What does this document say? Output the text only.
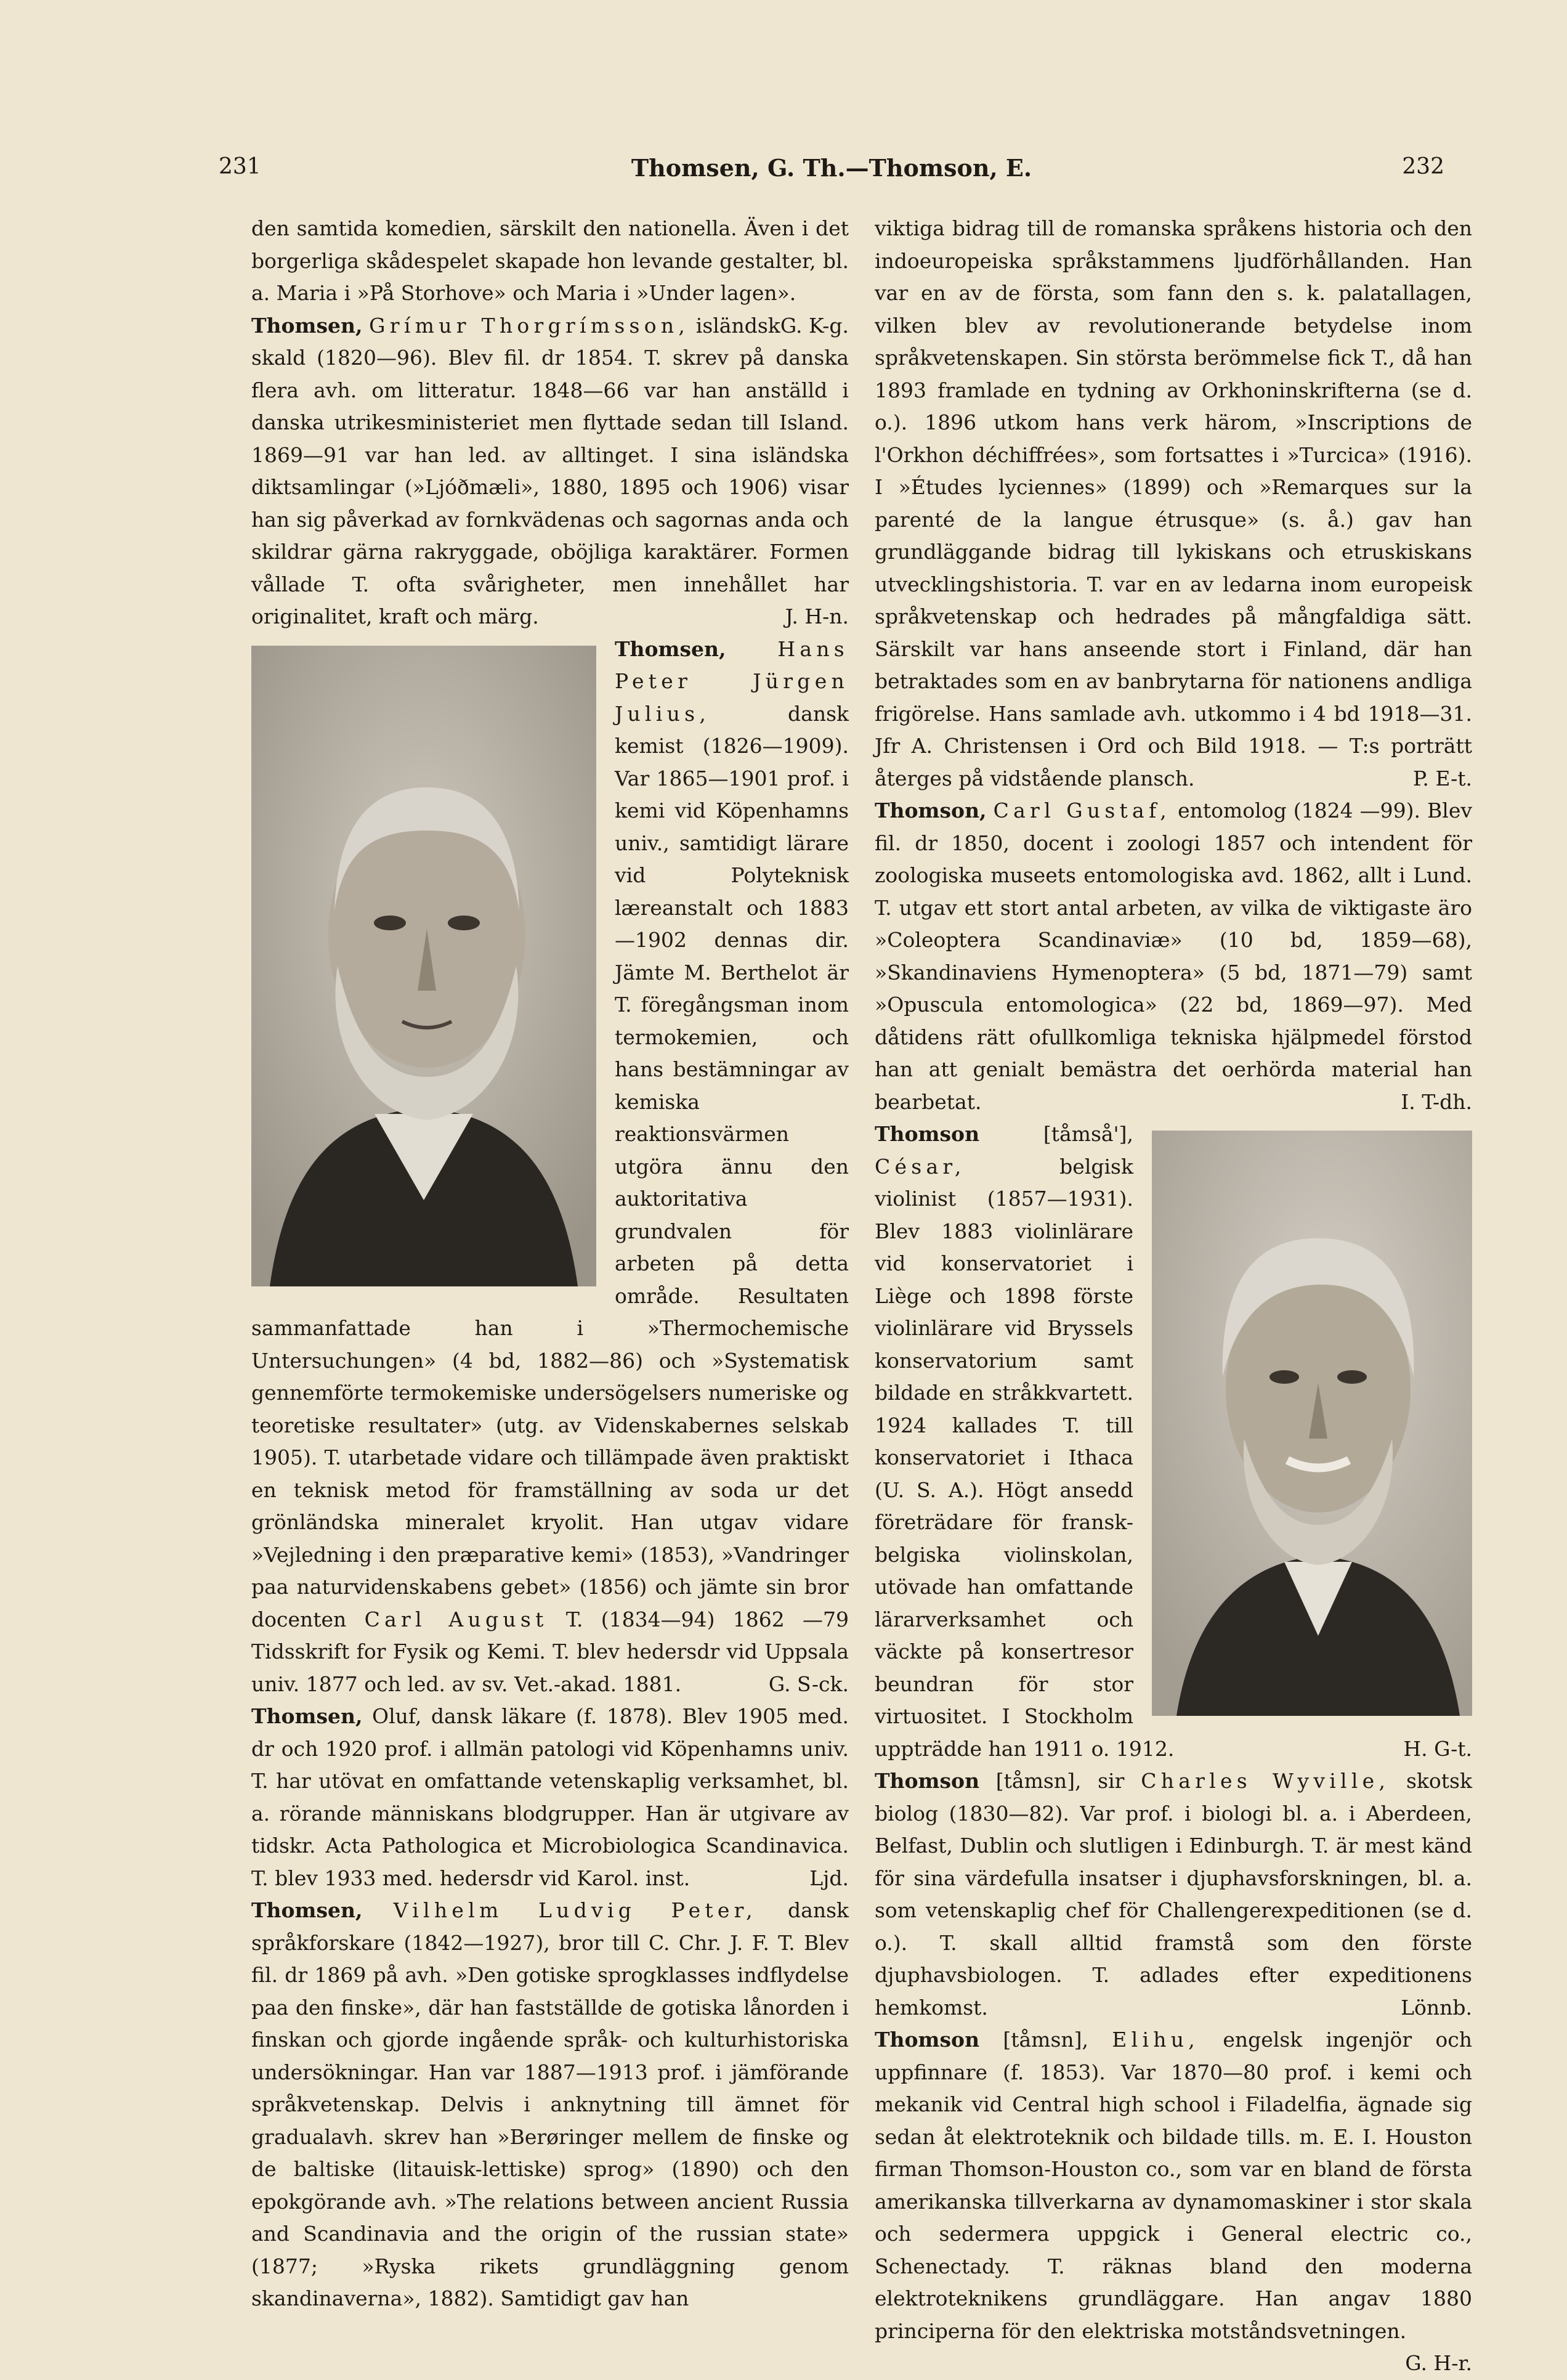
231	Thomsen, G. Th.—Thomson, E.	232

den samtida komedien, särskilt den nationella. Även i det borgerliga skådespelet skapade hon levande gestalter, bl. a. Maria i »På Storhove» och Maria i »Under lagen».
G. K-g.

Thomsen, Grímur Thorgrímsson, isländsk skald (1820—96). Blev fil. dr 1854. T. skrev på danska flera avh. om litteratur. 1848—66 var han anställd i danska utrikesministeriet men flyttade sedan till Island. 1869—91 var han led. av alltinget. I sina isländska diktsamlingar (»Ljóðmæli», 1880, 1895 och 1906) visar han sig påverkad av fornkvädenas och sagornas anda och skildrar gärna rakryggade, oböjliga karaktärer. Formen vållade T. ofta svårigheter, men innehållet har originalitet, kraft och märg.	J. H-n.

Thomsen,	Hans Peter Jürgen Julius,	dansk kemist (1826—1909). Var 1865—1901 prof. i kemi vid Köpenhamns univ., samtidigt lärare vid Polyteknisk læreanstalt och 1883 —1902 dennas dir. Jämte M. Berthelot är T. föregångsman inom termokemien, och hans bestämningar av kemiska reaktionsvärmen utgöra ännu den auktoritativa grundvalen för arbeten på detta område. Resultaten sammanfattade han i »Thermochemische Untersuchungen» (4 bd, 1882—86) och »Systematisk gennemförte termokemiske undersögelsers numeriske og teoretiske resultater» (utg. av Videnskabernes selskab 1905). T. utarbetade vidare och tillämpade även praktiskt en teknisk metod för framställning av soda ur det grönländska mineralet kryolit. Han utgav vidare »Vejledning i den præparative kemi» (1853), »Vandringer paa naturvidenskabens gebet» (1856) och jämte sin bror docenten Carl August T. (1834—94) 1862 —79 Tidsskrift for Fysik og Kemi. T. blev hedersdr vid Uppsala univ. 1877 och led. av sv. Vet.-akad. 1881.	G. S-ck.

Thomsen, Oluf, dansk läkare (f. 1878). Blev 1905 med. dr och 1920 prof. i allmän patologi vid Köpenhamns univ. T. har utövat en omfattande vetenskaplig verksamhet, bl. a. rörande människans blodgrupper. Han är utgivare av tidskr. Acta Pathologica et Microbiologica Scandinavica. T. blev 1933 med. hedersdr vid Karol. inst.	Ljd.

Thomsen, Vilhelm Ludvig Peter, dansk språkforskare (1842—1927), bror till C. Chr. J. F. T. Blev fil. dr 1869 på avh. »Den gotiske sprogklasses indflydelse paa den finske», där han fastställde de gotiska lånorden i finskan och gjorde ingående språk- och kulturhistoriska undersökningar. Han var 1887—1913 prof. i jämförande språkvetenskap. Delvis i anknytning till ämnet för gradualavh. skrev han »Berøringer mellem de finske og de baltiske (litauisk-lettiske) sprog» (1890) och den epokgörande avh. »The relations between ancient Russia and Scandinavia and the origin of the russian state» (1877; »Ryska rikets grundläggning genom skandinaverna», 1882). Samtidigt gav han

viktiga bidrag till de romanska språkens historia och den indoeuropeiska språkstammens ljudförhållanden. Han var en av de första, som fann den s. k. palatallagen, vilken blev av revolutionerande betydelse inom språkvetenskapen. Sin största berömmelse fick T., då han 1893 framlade en tydning av Orkhoninskrifterna (se d. o.). 1896 utkom hans verk härom, »Inscriptions de l'Orkhon déchiffrées», som fortsattes i »Turcica» (1916). I »Études lyciennes» (1899) och »Remarques sur la parenté de la langue étrusque» (s. å.) gav han grundläggande bidrag till lykiskans och etruskiskans utvecklingshistoria. T. var en av ledarna inom europeisk språkvetenskap och hedrades på mångfaldiga sätt. Särskilt var hans anseende stort i Finland, där han betraktades som en av banbrytarna för nationens andliga frigörelse. Hans samlade avh. utkommo i 4 bd 1918—31. Jfr A. Christensen i Ord och Bild 1918. — T:s porträtt återges på vidstående plansch.	P. E-t.

Thomson, Carl Gustaf, entomolog (1824 —99). Blev fil. dr 1850, docent i zoologi 1857 och intendent för zoologiska museets entomologiska avd. 1862, allt i Lund. T. utgav ett stort antal arbeten, av vilka de viktigaste äro »Coleoptera Scandinaviæ» (10 bd, 1859—68), »Skandinaviens Hymenoptera» (5 bd, 1871—79) samt »Opuscula entomologica» (22 bd, 1869—97). Med dåtidens rätt ofullkomliga tekniska hjälpmedel förstod han att genialt bemästra det oerhörda material han bearbetat.	I. T-dh.

Thomson	[tåmså'], César,	belgisk violinist (1857—1931). Blev 1883 violinlärare vid konservatoriet i Liège och 1898 förste violinlärare vid Bryssels konservatorium samt bildade en stråkkvartett. 1924 kallades T. till konservatoriet i Ithaca (U. S. A.). Högt ansedd företrädare för fransk-belgiska violinskolan, utövade han omfattande lärarverksamhet och väckte på konsertresor beundran för stor virtuositet. I Stockholm uppträdde han 1911 o. 1912.	H. G-t.

Thomson [tåmsn], sir Charles Wyville, skotsk biolog (1830—82). Var prof. i biologi bl. a. i Aberdeen, Belfast, Dublin och slutligen i Edinburgh. T. är mest känd för sina värdefulla insatser i djuphavsforskningen, bl. a. som vetenskaplig chef för Challengerexpeditionen (se d. o.). T. skall alltid framstå som den förste djuphavsbiologen. T. adlades efter expeditionens hemkomst.	Lönnb.

Thomson [tåmsn], Elihu, engelsk ingenjör och uppfinnare (f. 1853). Var 1870—80 prof. i kemi och mekanik vid Central high school i Filadelfia, ägnade sig sedan åt elektroteknik och bildade tills. m. E. I. Houston firman Thomson-Houston co., som var en bland de första amerikanska tillverkarna av dynamomaskiner i stor skala och sedermera uppgick i General electric co., Schenectady. T. räknas bland den moderna elektroteknikens grundläggare. Han angav 1880 principerna för den elektriska motståndsvetningen.
G. H-r.
